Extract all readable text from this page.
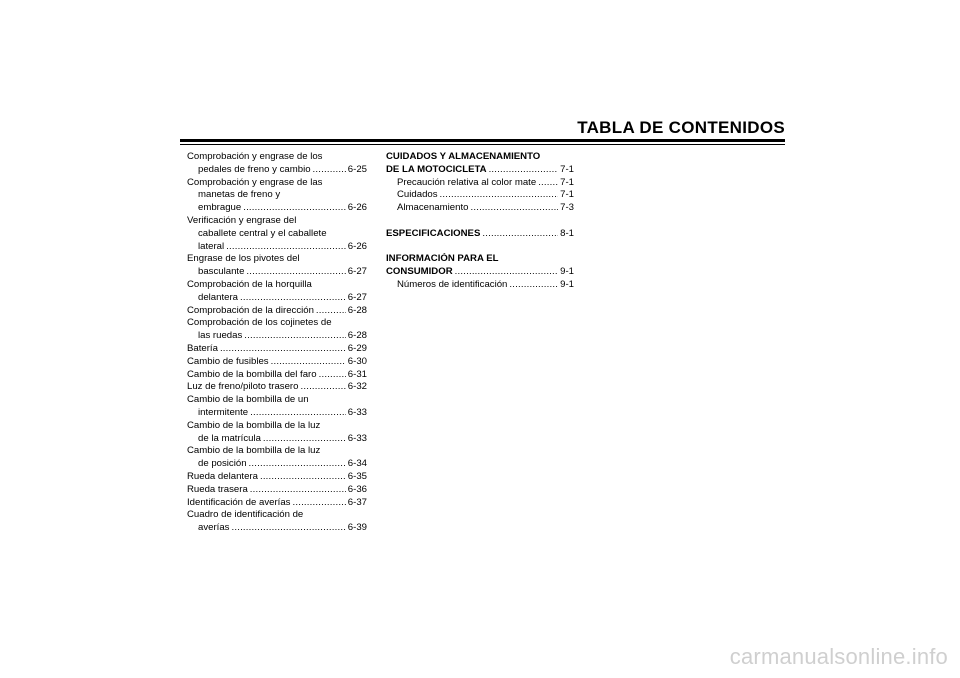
TABLA DE CONTENIDOS
Comprobación y engrase de los
pedales de freno y cambio .....	6-25
Comprobación y engrase de las
manetas de freno y
embrague .....	6-26
Verificación y engrase del
caballete central y el caballete
lateral .....	6-26
Engrase de los pivotes del
basculante .....	6-27
Comprobación de la horquilla
delantera .....	6-27
Comprobación de la dirección .....	6-28
Comprobación de los cojinetes de
las ruedas .....	6-28
Batería .....	6-29
Cambio de fusibles .....	6-30
Cambio de la bombilla del faro .....	6-31
Luz de freno/piloto trasero .....	6-32
Cambio de la bombilla de un
intermitente .....	6-33
Cambio de la bombilla de la luz
de la matrícula .....	6-33
Cambio de la bombilla de la luz
de posición .....	6-34
Rueda delantera .....	6-35
Rueda trasera .....	6-36
Identificación de averías .....	6-37
Cuadro de identificación de
averías .....	6-39
CUIDADOS Y ALMACENAMIENTO
DE LA MOTOCICLETA .....	7-1
Precaución relativa al color mate ..... 7-1
Cuidados .....	7-1
Almacenamiento .....	7-3
ESPECIFICACIONES .....	8-1
INFORMACIÓN PARA EL
CONSUMIDOR .....	9-1
Números de identificación .....	9-1
carmanualsonline.info
